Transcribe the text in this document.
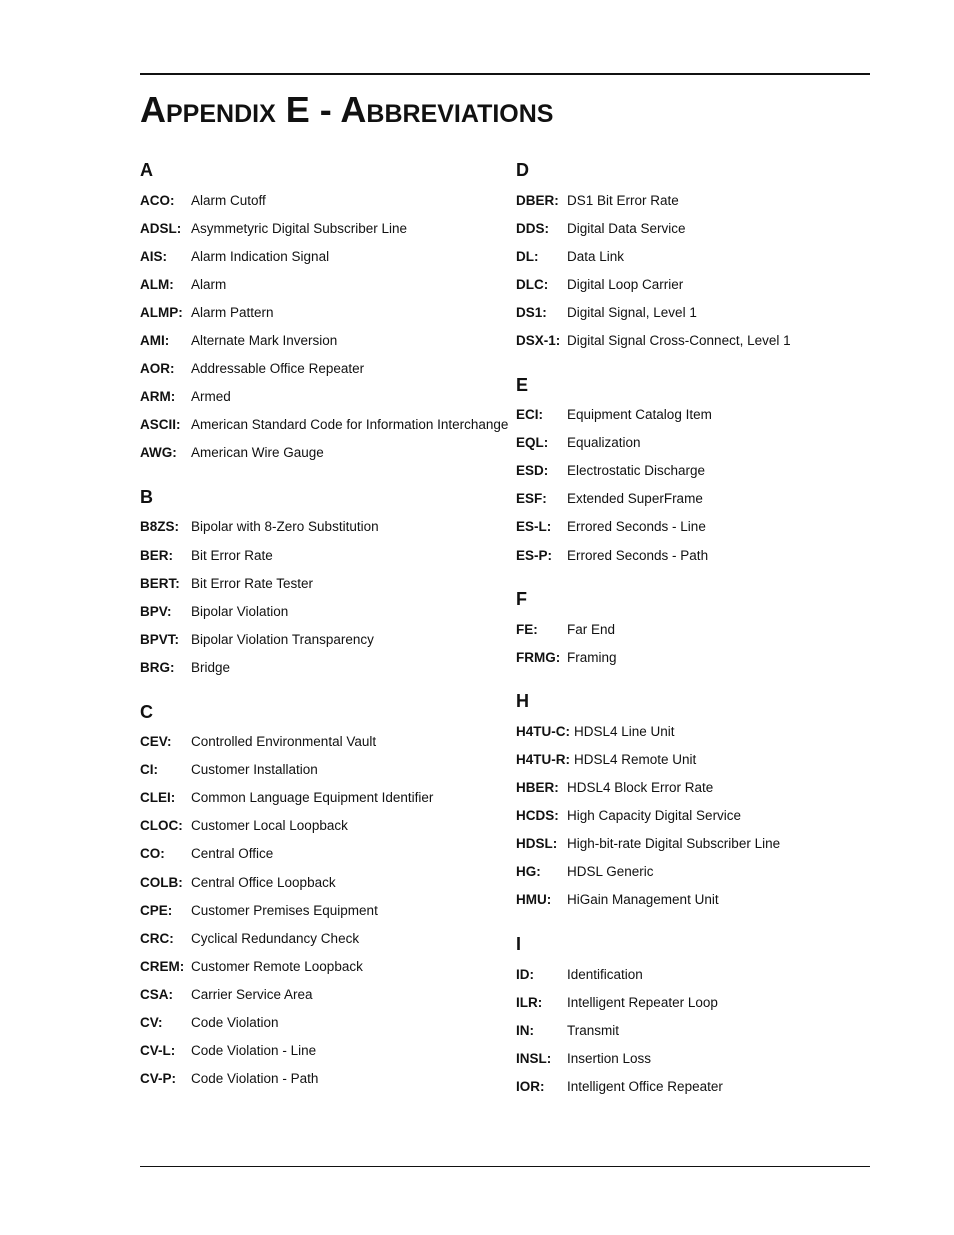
Appendix E - Abbreviations
A
ACO:	Alarm Cutoff
ADSL: Asymmetyric Digital Subscriber Line
AIS:	Alarm Indication Signal
ALM:	Alarm
ALMP: Alarm Pattern
AMI:	Alternate Mark Inversion
AOR:	Addressable Office Repeater
ARM:	Armed
ASCII: American Standard Code for Information Interchange
AWG:	American Wire Gauge
B
B8ZS: Bipolar with 8-Zero Substitution
BER:	Bit Error Rate
BERT: Bit Error Rate Tester
BPV:	Bipolar Violation
BPVT: Bipolar Violation Transparency
BRG:	Bridge
C
CEV:	Controlled Environmental Vault
CI:	Customer Installation
CLEI:	Common Language Equipment Identifier
CLOC: Customer Local Loopback
CO:	Central Office
COLB: Central Office Loopback
CPE:	Customer Premises Equipment
CRC:	Cyclical Redundancy Check
CREM: Customer Remote Loopback
CSA:	Carrier Service Area
CV:	Code Violation
CV-L:	Code Violation - Line
CV-P:	Code Violation - Path
D
DBER: DS1 Bit Error Rate
DDS:	Digital Data Service
DL:	Data Link
DLC:	Digital Loop Carrier
DS1:	Digital Signal, Level 1
DSX-1: Digital Signal Cross-Connect, Level 1
E
ECI:	Equipment Catalog Item
EQL:	Equalization
ESD:	Electrostatic Discharge
ESF:	Extended SuperFrame
ES-L:	Errored Seconds - Line
ES-P:	Errored Seconds - Path
F
FE:	Far End
FRMG: Framing
H
H4TU-C: HDSL4 Line Unit
H4TU-R: HDSL4 Remote Unit
HBER: HDSL4 Block Error Rate
HCDS: High Capacity Digital Service
HDSL: High-bit-rate Digital Subscriber Line
HG:	HDSL Generic
HMU:	HiGain Management Unit
I
ID:	Identification
ILR:	Intelligent Repeater Loop
IN:	Transmit
INSL:	Insertion Loss
IOR:	Intelligent Office Repeater
